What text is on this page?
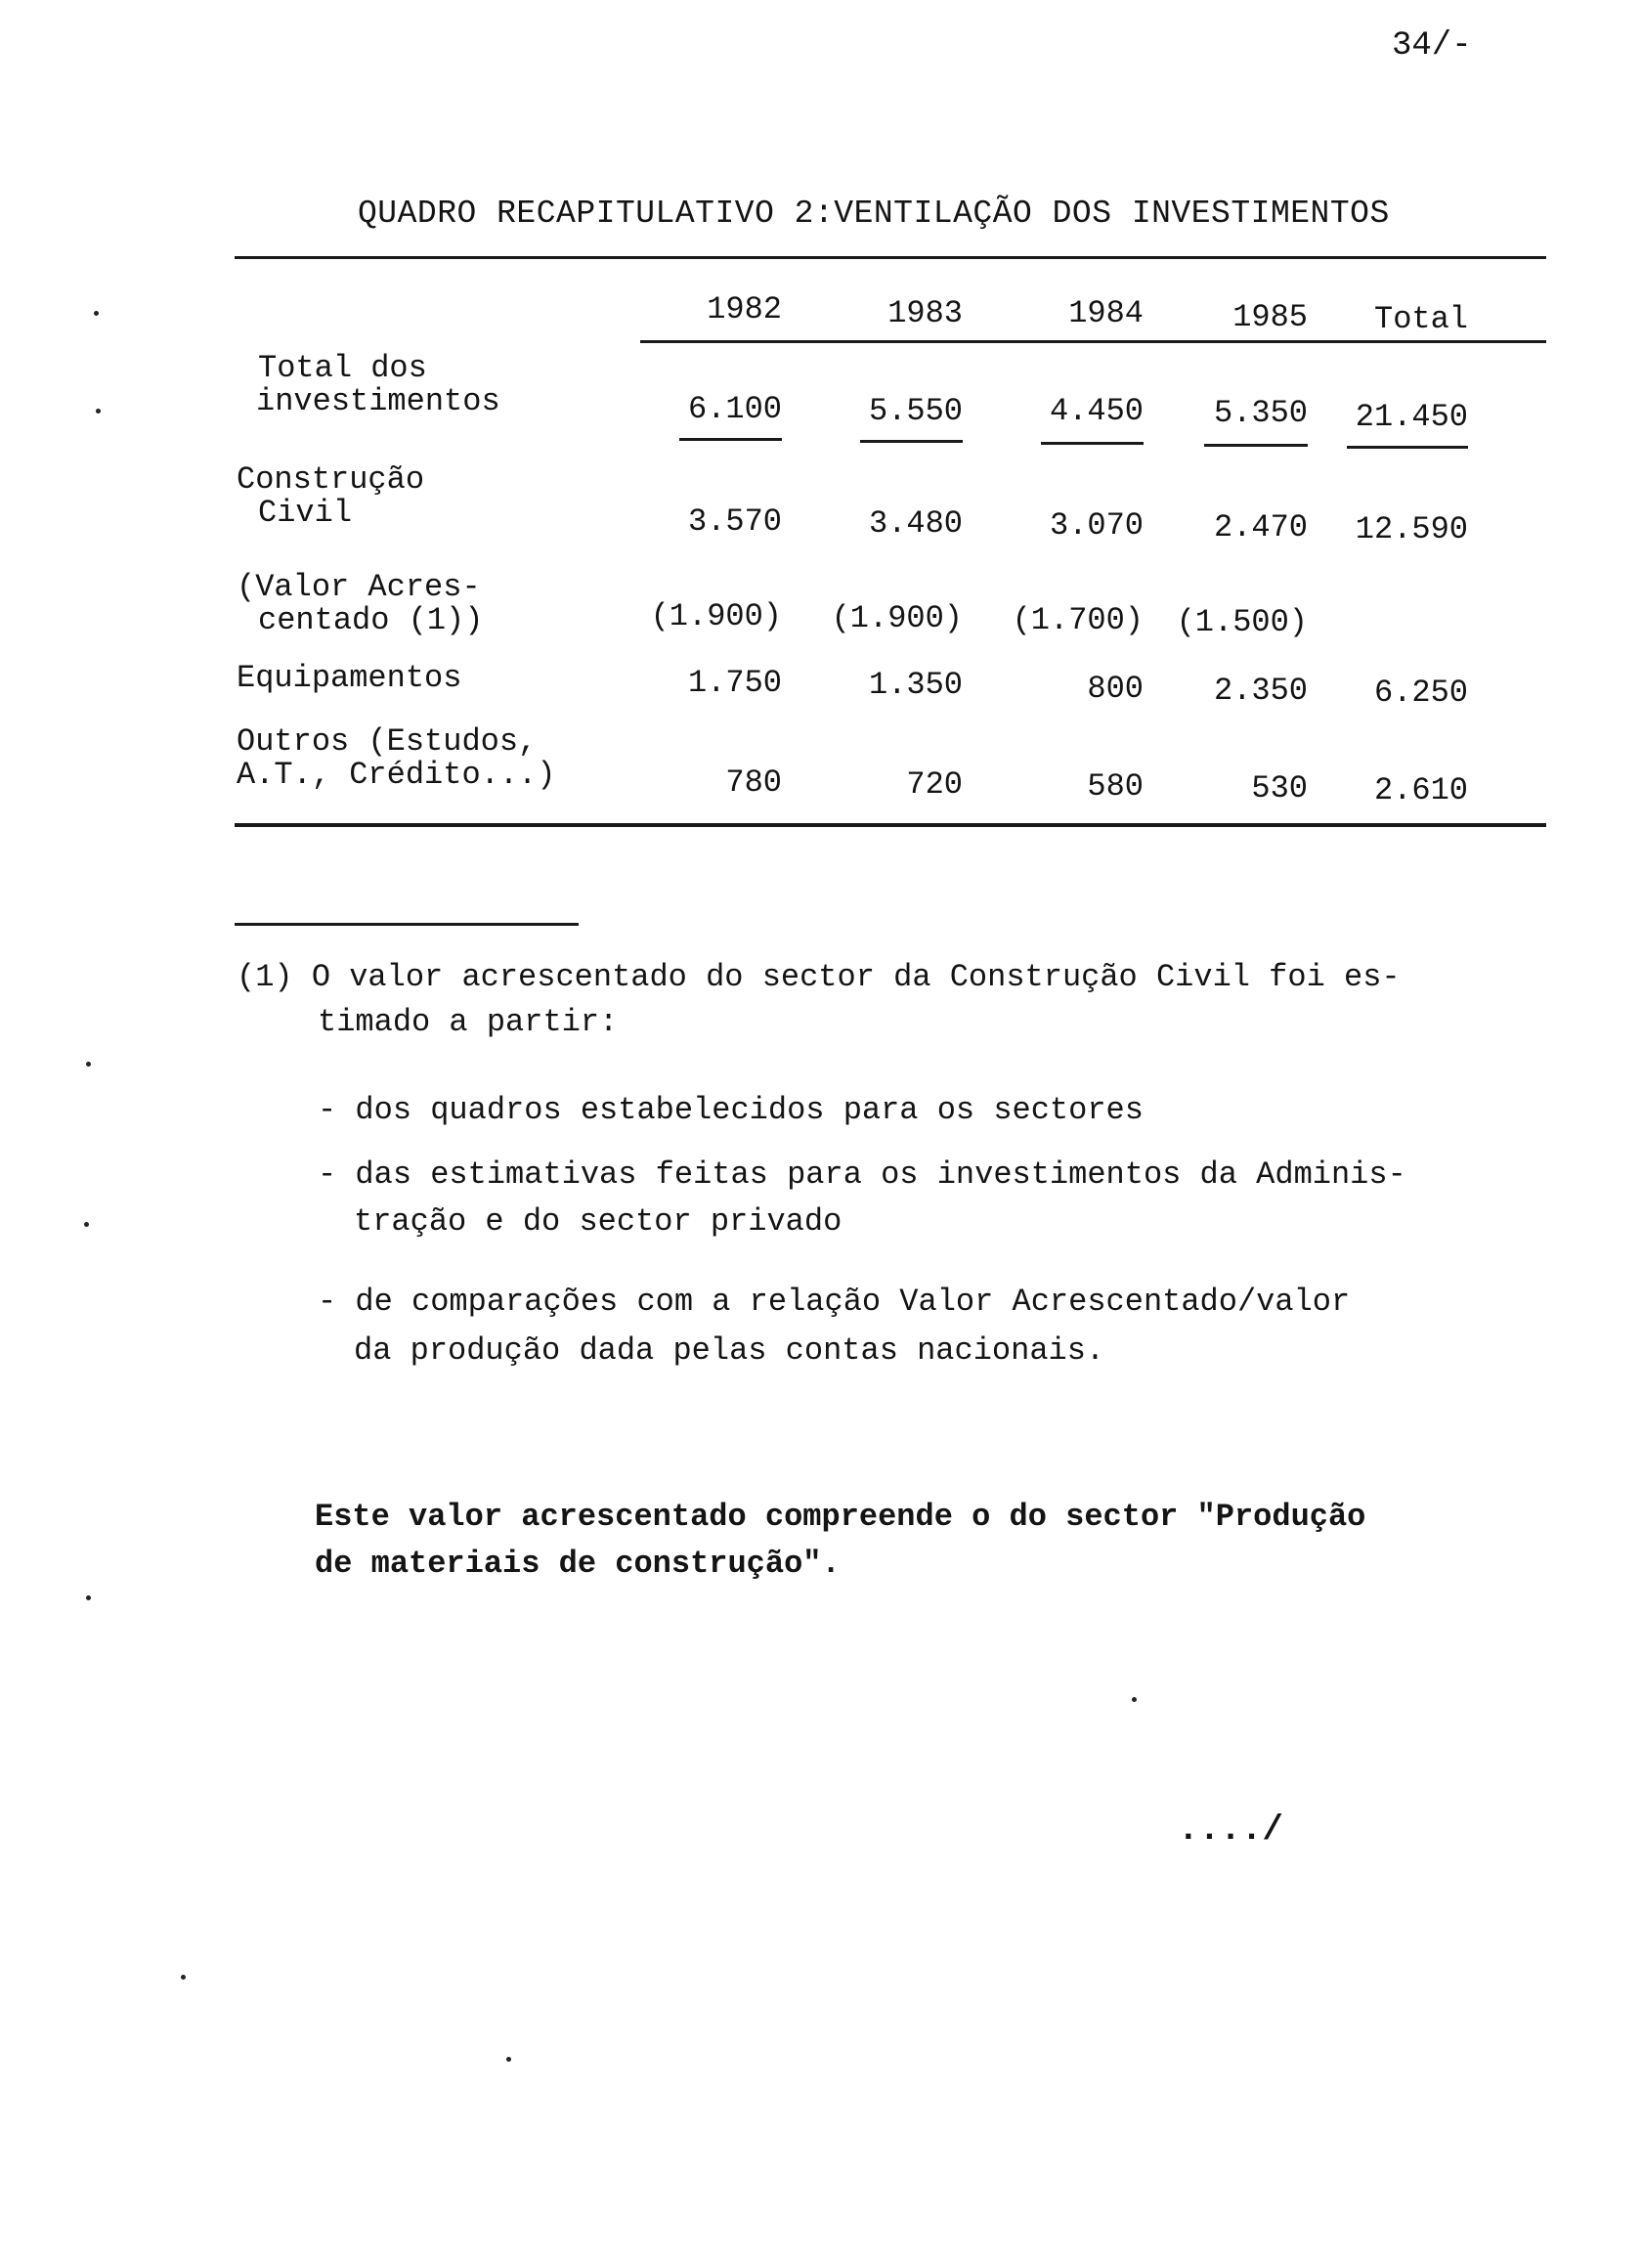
34/-
QUADRO RECAPITULATIVO 2:VENTILAÇÃO DOS INVESTIMENTOS
1982	1983	1984	1985	Total
Total dos
investimentos	6.100	5.550	4.450	5.350	21.450
Construção
Civil	3.570	3.480	3.070	2.470	12.590
(Valor Acres-
centado (1))	(1.900)	(1.900)	(1.700)	(1.500)
Equipamentos	1.750	1.350	800	2.350	6.250
Outros (Estudos,
A.T., Crédito...)	780	720	580	530	2.610
(1) O valor acrescentado do sector da Construção Civil foi es-
timado a partir:
- dos quadros estabelecidos para os sectores
- das estimativas feitas para os investimentos da Adminis-
tração e do sector privado
- de comparações com a relação Valor Acrescentado/valor
da produção dada pelas contas nacionais.
Este valor acrescentado compreende o do sector "Produção
de materiais de construção".
..../
